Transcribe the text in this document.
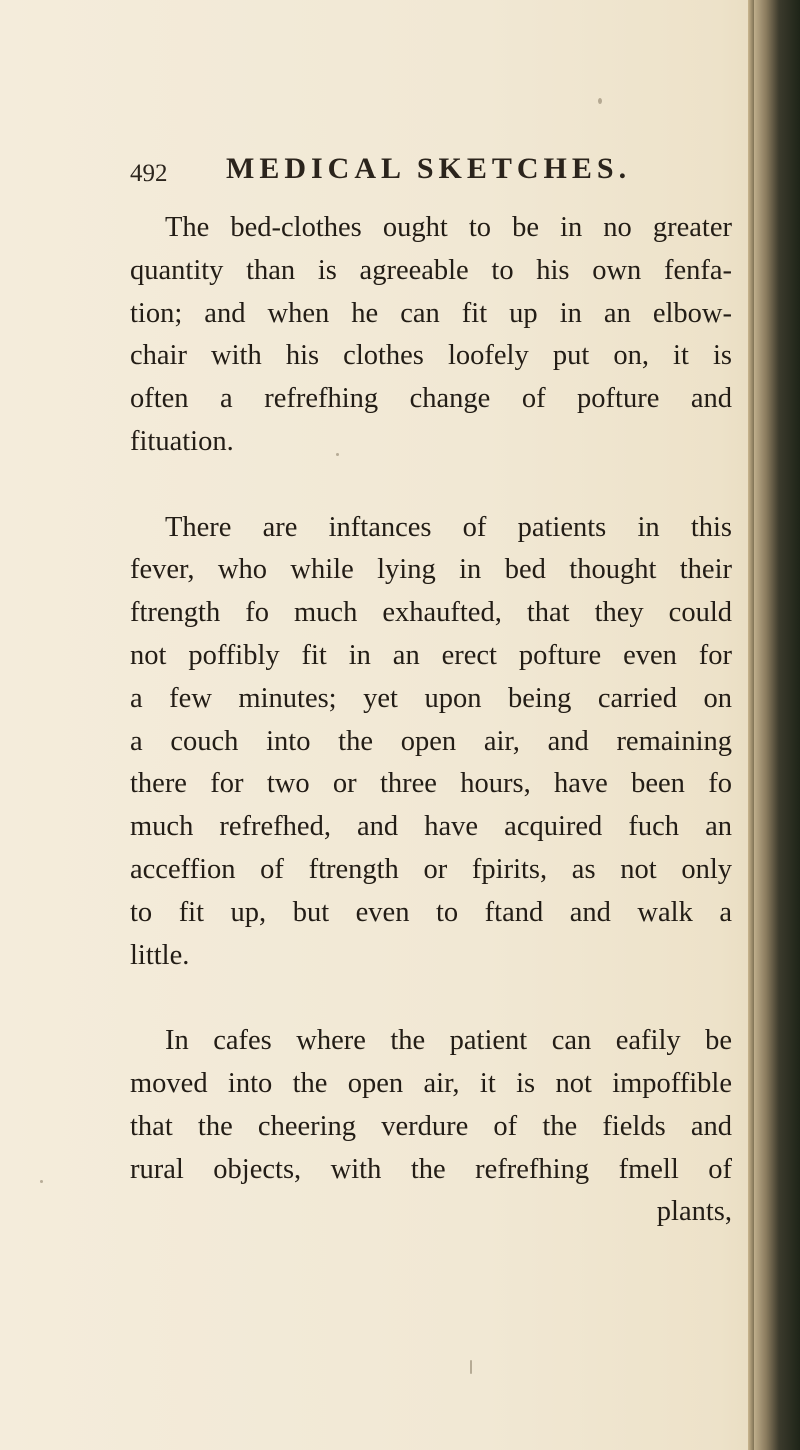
492 MEDICAL SKETCHES.
The bed-clothes ought to be in no greater
quantity than is agreeable to his own fenfa-
tion; and when he can fit up in an elbow-
chair with his clothes loofely put on, it is
often a refrefhing change of pofture and
fituation.
There are inftances of patients in this
fever, who while lying in bed thought their
ftrength fo much exhaufted, that they could
not poffibly fit in an erect pofture even for
a few minutes; yet upon being carried on
a couch into the open air, and remaining
there for two or three hours, have been fo
much refrefhed, and have acquired fuch an
acceffion of ftrength or fpirits, as not only
to fit up, but even to ftand and walk a
little.
In cafes where the patient can eafily be
moved into the open air, it is not impoffible
that the cheering verdure of the fields and
rural objects, with the refrefhing fmell of
plants,
